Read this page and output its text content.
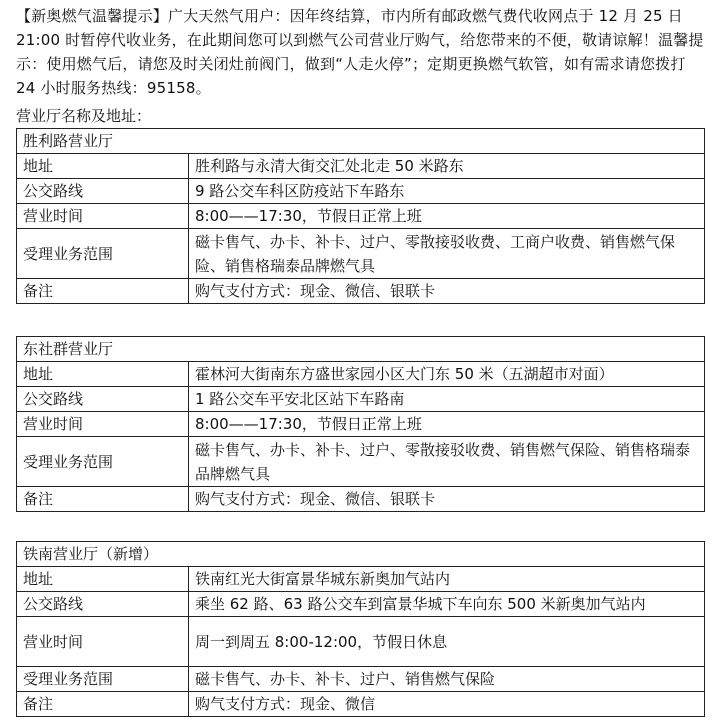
【新奥燃气温馨提示】广大天然气用户：因年终结算，市内所有邮政燃气费代收网点于 12 月 25 日 21:00 时暂停代收业务，在此期间您可以到燃气公司营业厅购气，给您带来的不便，敬请谅解！温馨提示：使用燃气后，请您及时关闭灶前阀门，做到“人走火停”；定期更换燃气软管，如有需求请您拨打 24 小时服务热线：95158。

营业厅名称及地址：
胜利路营业厅	
地址	胜利路与永清大街交汇处北走 50 米路东
公交路线	9 路公交车科区防疫站下车路东
营业时间	8:00——17:30，节假日正常上班
受理业务范围	磁卡售气、办卡、补卡、过户、零散接驳收费、工商户收费、销售燃气保险、销售格瑞泰品牌燃气具
备注	购气支付方式：现金、微信、银联卡
东社群营业厅	
地址	霍林河大街南东方盛世家园小区大门东 50 米（五湖超市对面）
公交路线	1 路公交车平安北区站下车路南
营业时间	8:00——17:30，节假日正常上班
受理业务范围	磁卡售气、办卡、补卡、过户、零散接驳收费、销售燃气保险、销售格瑞泰品牌燃气具
备注	购气支付方式：现金、微信、银联卡
铁南营业厅（新增）	
地址	铁南红光大街富景华城东新奥加气站内
公交路线	乘坐 62 路、63 路公交车到富景华城下车向东 500 米新奥加气站内
营业时间	周一到周五 8:00-12:00，节假日休息
受理业务范围	磁卡售气、办卡、补卡、过户、销售燃气保险
备注	购气支付方式：现金、微信
